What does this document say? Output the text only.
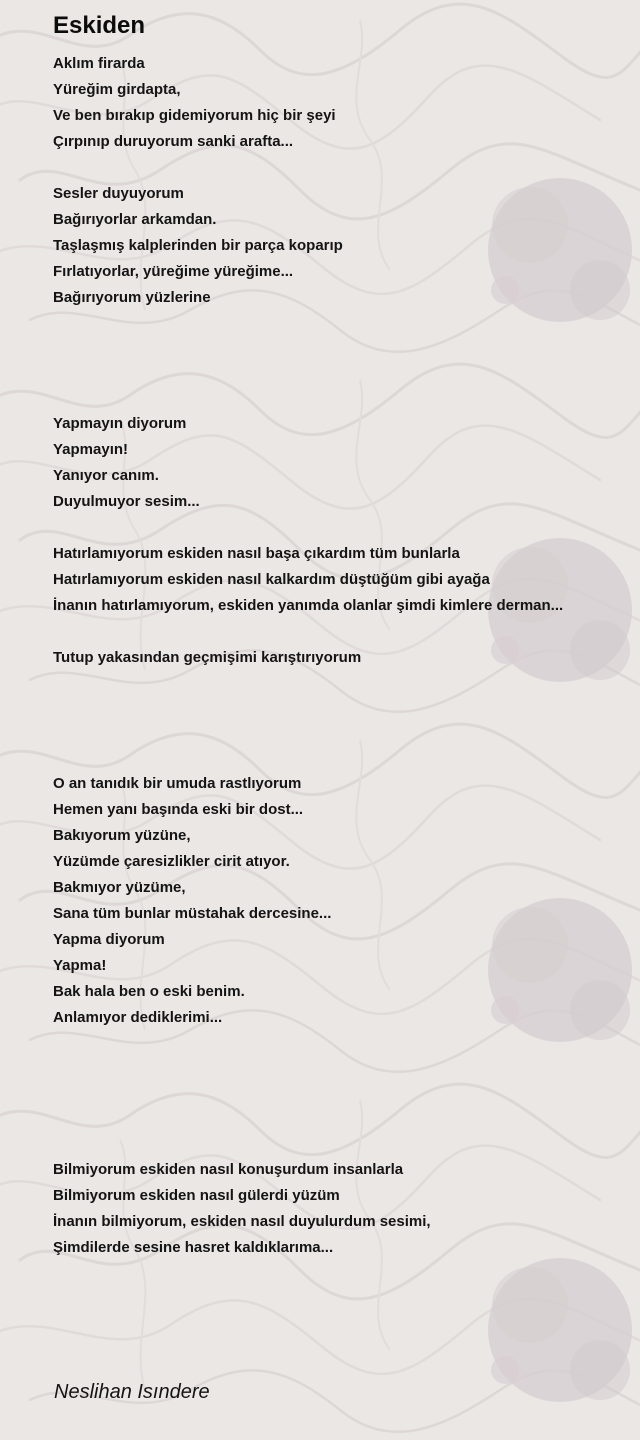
Eskiden
Aklım firarda
Yüreğim girdapta,
Ve ben bırakıp gidemiyorum hiç bir şeyi
Çırpınıp duruyorum sanki arafta...
Sesler duyuyorum
Bağırıyorlar arkamdan.
Taşlaşmış kalplerinden bir parça koparıp
Fırlatıyorlar, yüreğime yüreğime...
Bağırıyorum yüzlerine
Yapmayın diyorum
Yapmayın!
Yanıyor canım.
Duyulmuyor sesim...
Hatırlamıyorum eskiden nasıl başa çıkardım tüm bunlarla
Hatırlamıyorum eskiden nasıl kalkardım düştüğüm gibi ayağa
İnanın hatırlamıyorum, eskiden yanımda olanlar şimdi kimlere derman...
Tutup yakasından geçmişimi karıştırıyorum
O an tanıdık bir umuda rastlıyorum
Hemen yanı başında eski bir dost...
Bakıyorum yüzüne,
Yüzümde çaresizlikler cirit atıyor.
Bakmıyor yüzüme,
Sana tüm bunlar müstahak dercesine...
Yapma diyorum
Yapma!
Bak hala ben o eski benim.
Anlamıyor dediklerimi...
Bilmiyorum eskiden nasıl konuşurdum insanlarla
Bilmiyorum eskiden nasıl gülerdi yüzüm
İnanın bilmiyorum, eskiden nasıl duyulurdum sesimi,
Şimdilerde sesine hasret kaldıklarıma...
Neslihan Isındere
